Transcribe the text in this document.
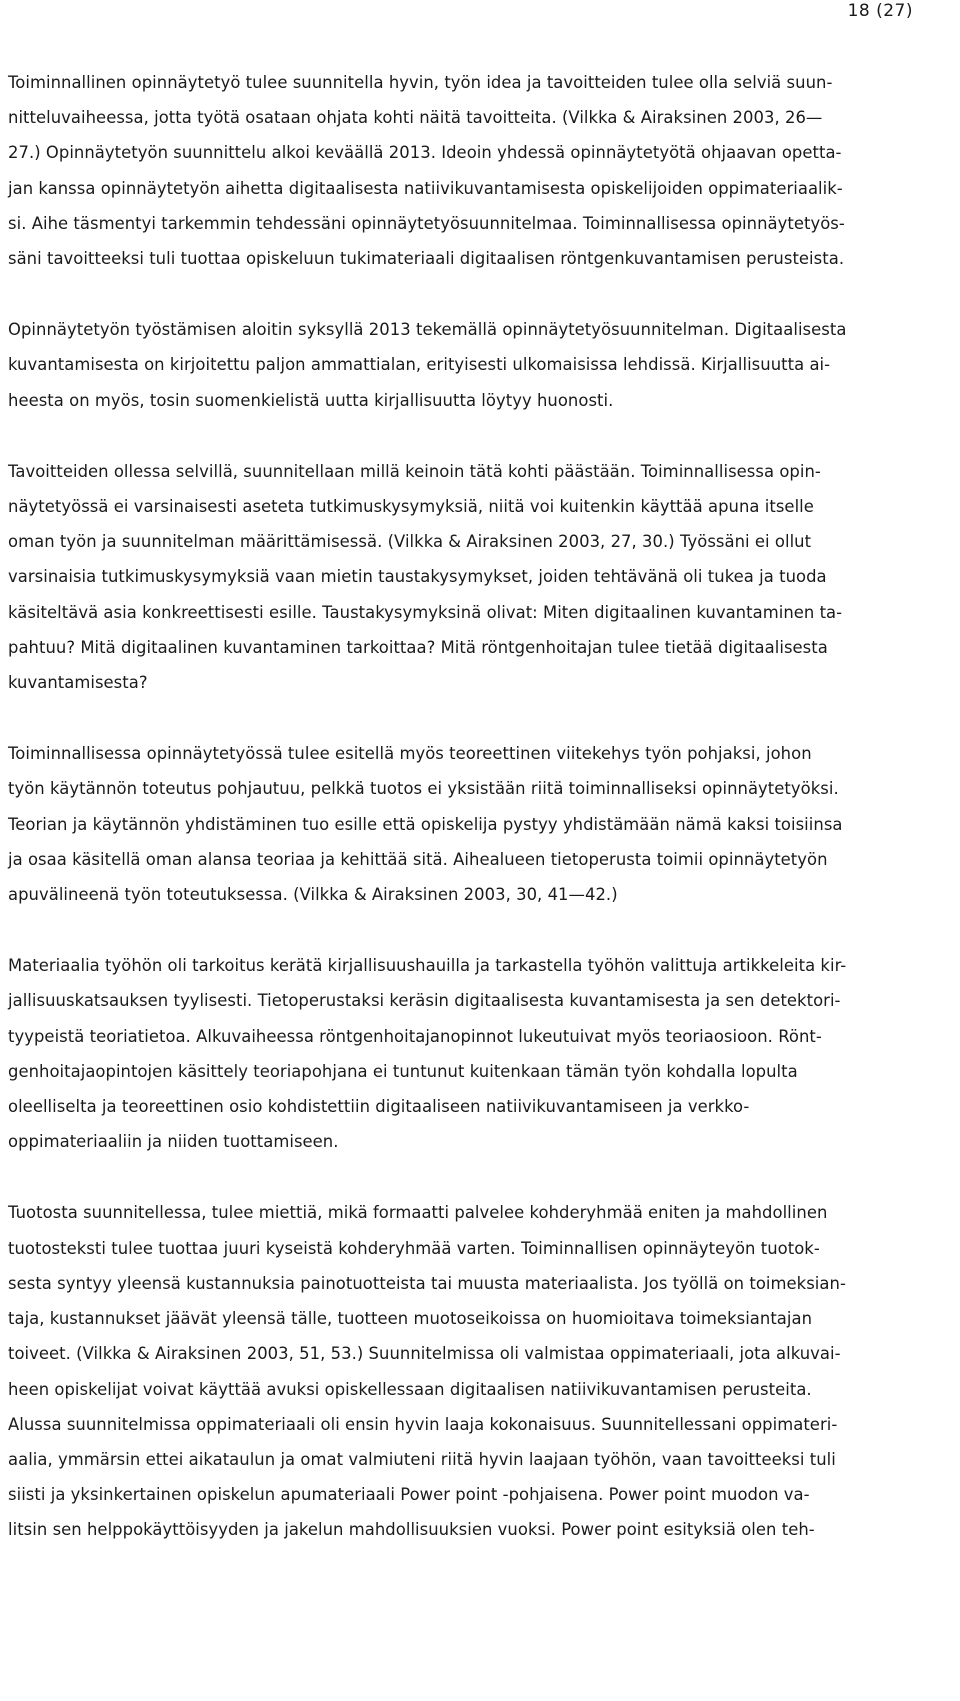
18 (27)
Toiminnallinen opinnäytetyö tulee suunnitella hyvin, työn idea ja tavoitteiden tulee olla selviä suun-
nitteluvaiheessa, jotta työtä osataan ohjata kohti näitä tavoitteita. (Vilkka & Airaksinen 2003, 26—
27.) Opinnäytetyön suunnittelu alkoi keväällä 2013. Ideoin yhdessä opinnäytetyötä ohjaavan opetta-
jan kanssa opinnäytetyön aihetta digitaalisesta natiivikuvantamisesta opiskelijoiden oppimateriaalik-
si. Aihe täsmentyi tarkemmin tehdessäni opinnäytetyösuunnitelmaa. Toiminnallisessa opinnäytetyös-
säni tavoitteeksi tuli tuottaa opiskeluun tukimateriaali digitaalisen röntgenkuvantamisen perusteista.
Opinnäytetyön työstämisen aloitin syksyllä 2013 tekemällä opinnäytetyösuunnitelman. Digitaalisesta
kuvantamisesta on kirjoitettu paljon ammattialan, erityisesti ulkomaisissa lehdissä. Kirjallisuutta ai-
heesta on myös, tosin suomenkielistä uutta kirjallisuutta löytyy huonosti.
Tavoitteiden ollessa selvillä, suunnitellaan millä keinoin tätä kohti päästään. Toiminnallisessa opin-
näytetyössä ei varsinaisesti aseteta tutkimuskysymyksiä, niitä voi kuitenkin käyttää apuna itselle
oman työn ja suunnitelman määrittämisessä. (Vilkka & Airaksinen 2003, 27, 30.) Työssäni ei ollut
varsinaisia tutkimuskysymyksiä vaan mietin taustakysymykset, joiden tehtävänä oli tukea ja tuoda
käsiteltävä asia konkreettisesti esille. Taustakysymyksinä olivat: Miten digitaalinen kuvantaminen ta-
pahtuu? Mitä digitaalinen kuvantaminen tarkoittaa? Mitä röntgenhoitajan tulee tietää digitaalisesta
kuvantamisesta?
Toiminnallisessa opinnäytetyössä tulee esitellä myös teoreettinen viitekehys työn pohjaksi, johon
työn käytännön toteutus pohjautuu, pelkkä tuotos ei yksistään riitä toiminnalliseksi opinnäytetyöksi.
Teorian ja käytännön yhdistäminen tuo esille että opiskelija pystyy yhdistämään nämä kaksi toisiinsa
ja osaa käsitellä oman alansa teoriaa ja kehittää sitä. Aihealueen tietoperusta toimii opinnäytetyön
apuvälineenä työn toteutuksessa. (Vilkka & Airaksinen 2003, 30, 41—42.)
Materiaalia työhön oli tarkoitus kerätä kirjallisuushauilla ja tarkastella työhön valittuja artikkeleita kir-
jallisuuskatsauksen tyylisesti. Tietoperustaksi keräsin digitaalisesta kuvantamisesta ja sen detektori-
tyypeistä teoriatietoa. Alkuvaiheessa röntgenhoitajanopinnot lukeutuivat myös teoriaosioon. Rönt-
genhoitajaopintojen käsittely teoriapohjana ei tuntunut kuitenkaan tämän työn kohdalla lopulta
oleelliselta ja teoreettinen osio kohdistettiin digitaaliseen natiivikuvantamiseen ja verkko-
oppimateriaaliin ja niiden tuottamiseen.
Tuotosta suunnitellessa, tulee miettiä, mikä formaatti palvelee kohderyhmää eniten ja mahdollinen
tuotosteksti tulee tuottaa juuri kyseistä kohderyhmää varten. Toiminnallisen opinnäyteyön tuotok-
sesta syntyy yleensä kustannuksia painotuotteista tai muusta materiaalista. Jos työllä on toimeksian-
taja, kustannukset jäävät yleensä tälle, tuotteen muotoseikoissa on huomioitava toimeksiantajan
toiveet. (Vilkka & Airaksinen 2003, 51, 53.) Suunnitelmissa oli valmistaa oppimateriaali, jota alkuvai-
heen opiskelijat voivat käyttää avuksi opiskellessaan digitaalisen natiivikuvantamisen perusteita.
Alussa suunnitelmissa oppimateriaali oli ensin hyvin laaja kokonaisuus. Suunnitellessani oppimateri-
aalia, ymmärsin ettei aikataulun ja omat valmiuteni riitä hyvin laajaan työhön, vaan tavoitteeksi tuli
siisti ja yksinkertainen opiskelun apumateriaali Power point -pohjaisena. Power point muodon va-
litsin sen helppokäyttöisyyden ja jakelun mahdollisuuksien vuoksi. Power point esityksiä olen teh-
